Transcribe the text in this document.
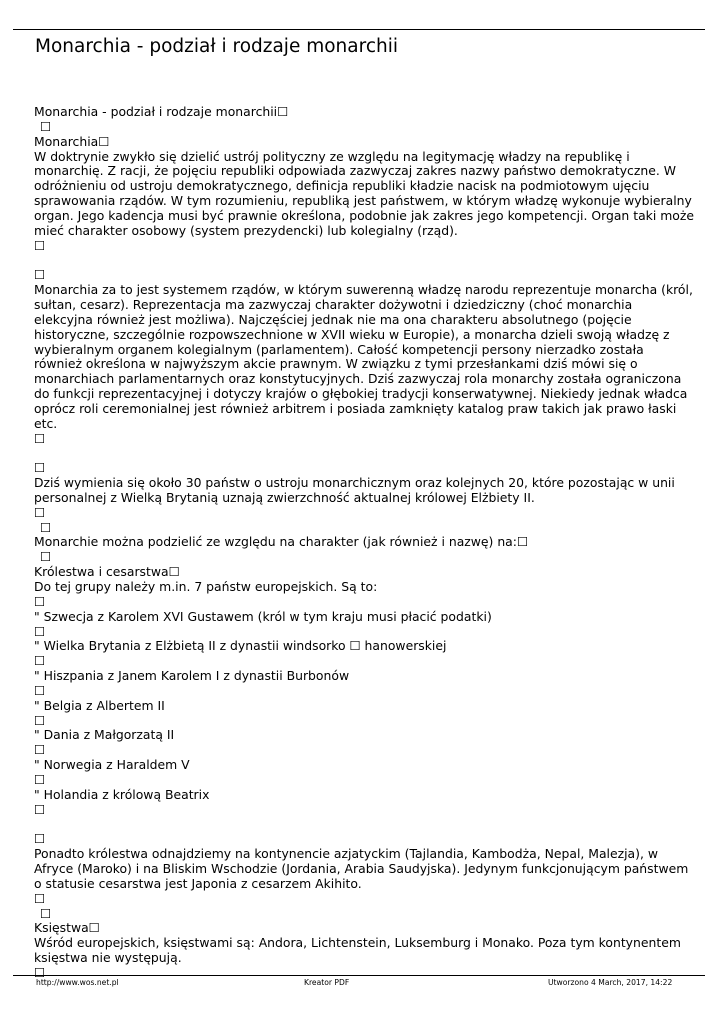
Monarchia - podział i rodzaje monarchii

Monarchia - podział i rodzaje monarchii☐

☐

Monarchia☐

W doktrynie zwykło się dzielić ustrój polityczny ze względu na legitymację władzy na republikę i monarchię. Z racji, że pojęciu republiki odpowiada zazwyczaj zakres nazwy państwo demokratyczne. W odróżnieniu od ustroju demokratycznego, definicja republiki kładzie nacisk na podmiotowym ujęciu sprawowania rządów. W tym rozumieniu, republiką jest państwem, w którym władzę wykonuje wybieralny organ. Jego kadencja musi być prawnie określona, podobnie jak zakres jego kompetencji. Organ taki może mieć charakter osobowy (system prezydencki) lub kolegialny (rząd).

☐

☐

Monarchia za to jest systemem rządów, w którym suwerenną władzę narodu reprezentuje monarcha (król, sułtan, cesarz). Reprezentacja ma zazwyczaj charakter dożywotni i dziedziczny (choć monarchia elekcyjna również jest możliwa). Najczęściej jednak nie ma ona charakteru absolutnego (pojęcie historyczne, szczególnie rozpowszechnione w XVII wieku w Europie), a monarcha dzieli swoją władzę z wybieralnym organem kolegialnym (parlamentem). Całość kompetencji persony nierzadko została również określona w najwyższym akcie prawnym. W związku z tymi przesłankami dziś mówi się o monarchiach parlamentarnych oraz konstytucyjnych. Dziś zazwyczaj rola monarchy została ograniczona do funkcji reprezentacyjnej i dotyczy krajów o głębokiej tradycji konserwatywnej. Niekiedy jednak władca oprócz roli ceremonialnej jest również arbitrem i posiada zamknięty katalog praw takich jak prawo łaski etc.

☐

☐

Dziś wymienia się około 30 państw o ustroju monarchicznym oraz kolejnych 20, które pozostając w unii personalnej z Wielką Brytanią uznają zwierzchność aktualnej królowej Elżbiety II.

☐

☐

Monarchie można podzielić ze względu na charakter (jak również i nazwę) na:☐

☐

Królestwa i cesarstwa☐

Do tej grupy należy m.in. 7 państw europejskich. Są to:

☐

" Szwecja z Karolem XVI Gustawem (król w tym kraju musi płacić podatki)

☐

" Wielka Brytania z Elżbietą II z dynastii windsorko ☐ hanowerskiej

☐

" Hiszpania z Janem Karolem I z dynastii Burbonów

☐

" Belgia z Albertem II

☐

" Dania z Małgorzatą II

☐

" Norwegia z Haraldem V

☐

" Holandia z królową Beatrix

☐

☐

Ponadto królestwa odnajdziemy na kontynencie azjatyckim (Tajlandia, Kambodża, Nepal, Malezja), w Afryce (Maroko) i na Bliskim Wschodzie (Jordania, Arabia Saudyjska). Jedynym funkcjonującym państwem o statusie cesarstwa jest Japonia z cesarzem Akihito.

☐

☐

Księstwa☐

Wśród europejskich, księstwami są: Andora, Lichtenstein, Luksemburg i Monako. Poza tym kontynentem księstwa nie występują.

☐

http://www.wos.net.pl	Kreator PDF	Utworzono 4 March, 2017, 14:22
